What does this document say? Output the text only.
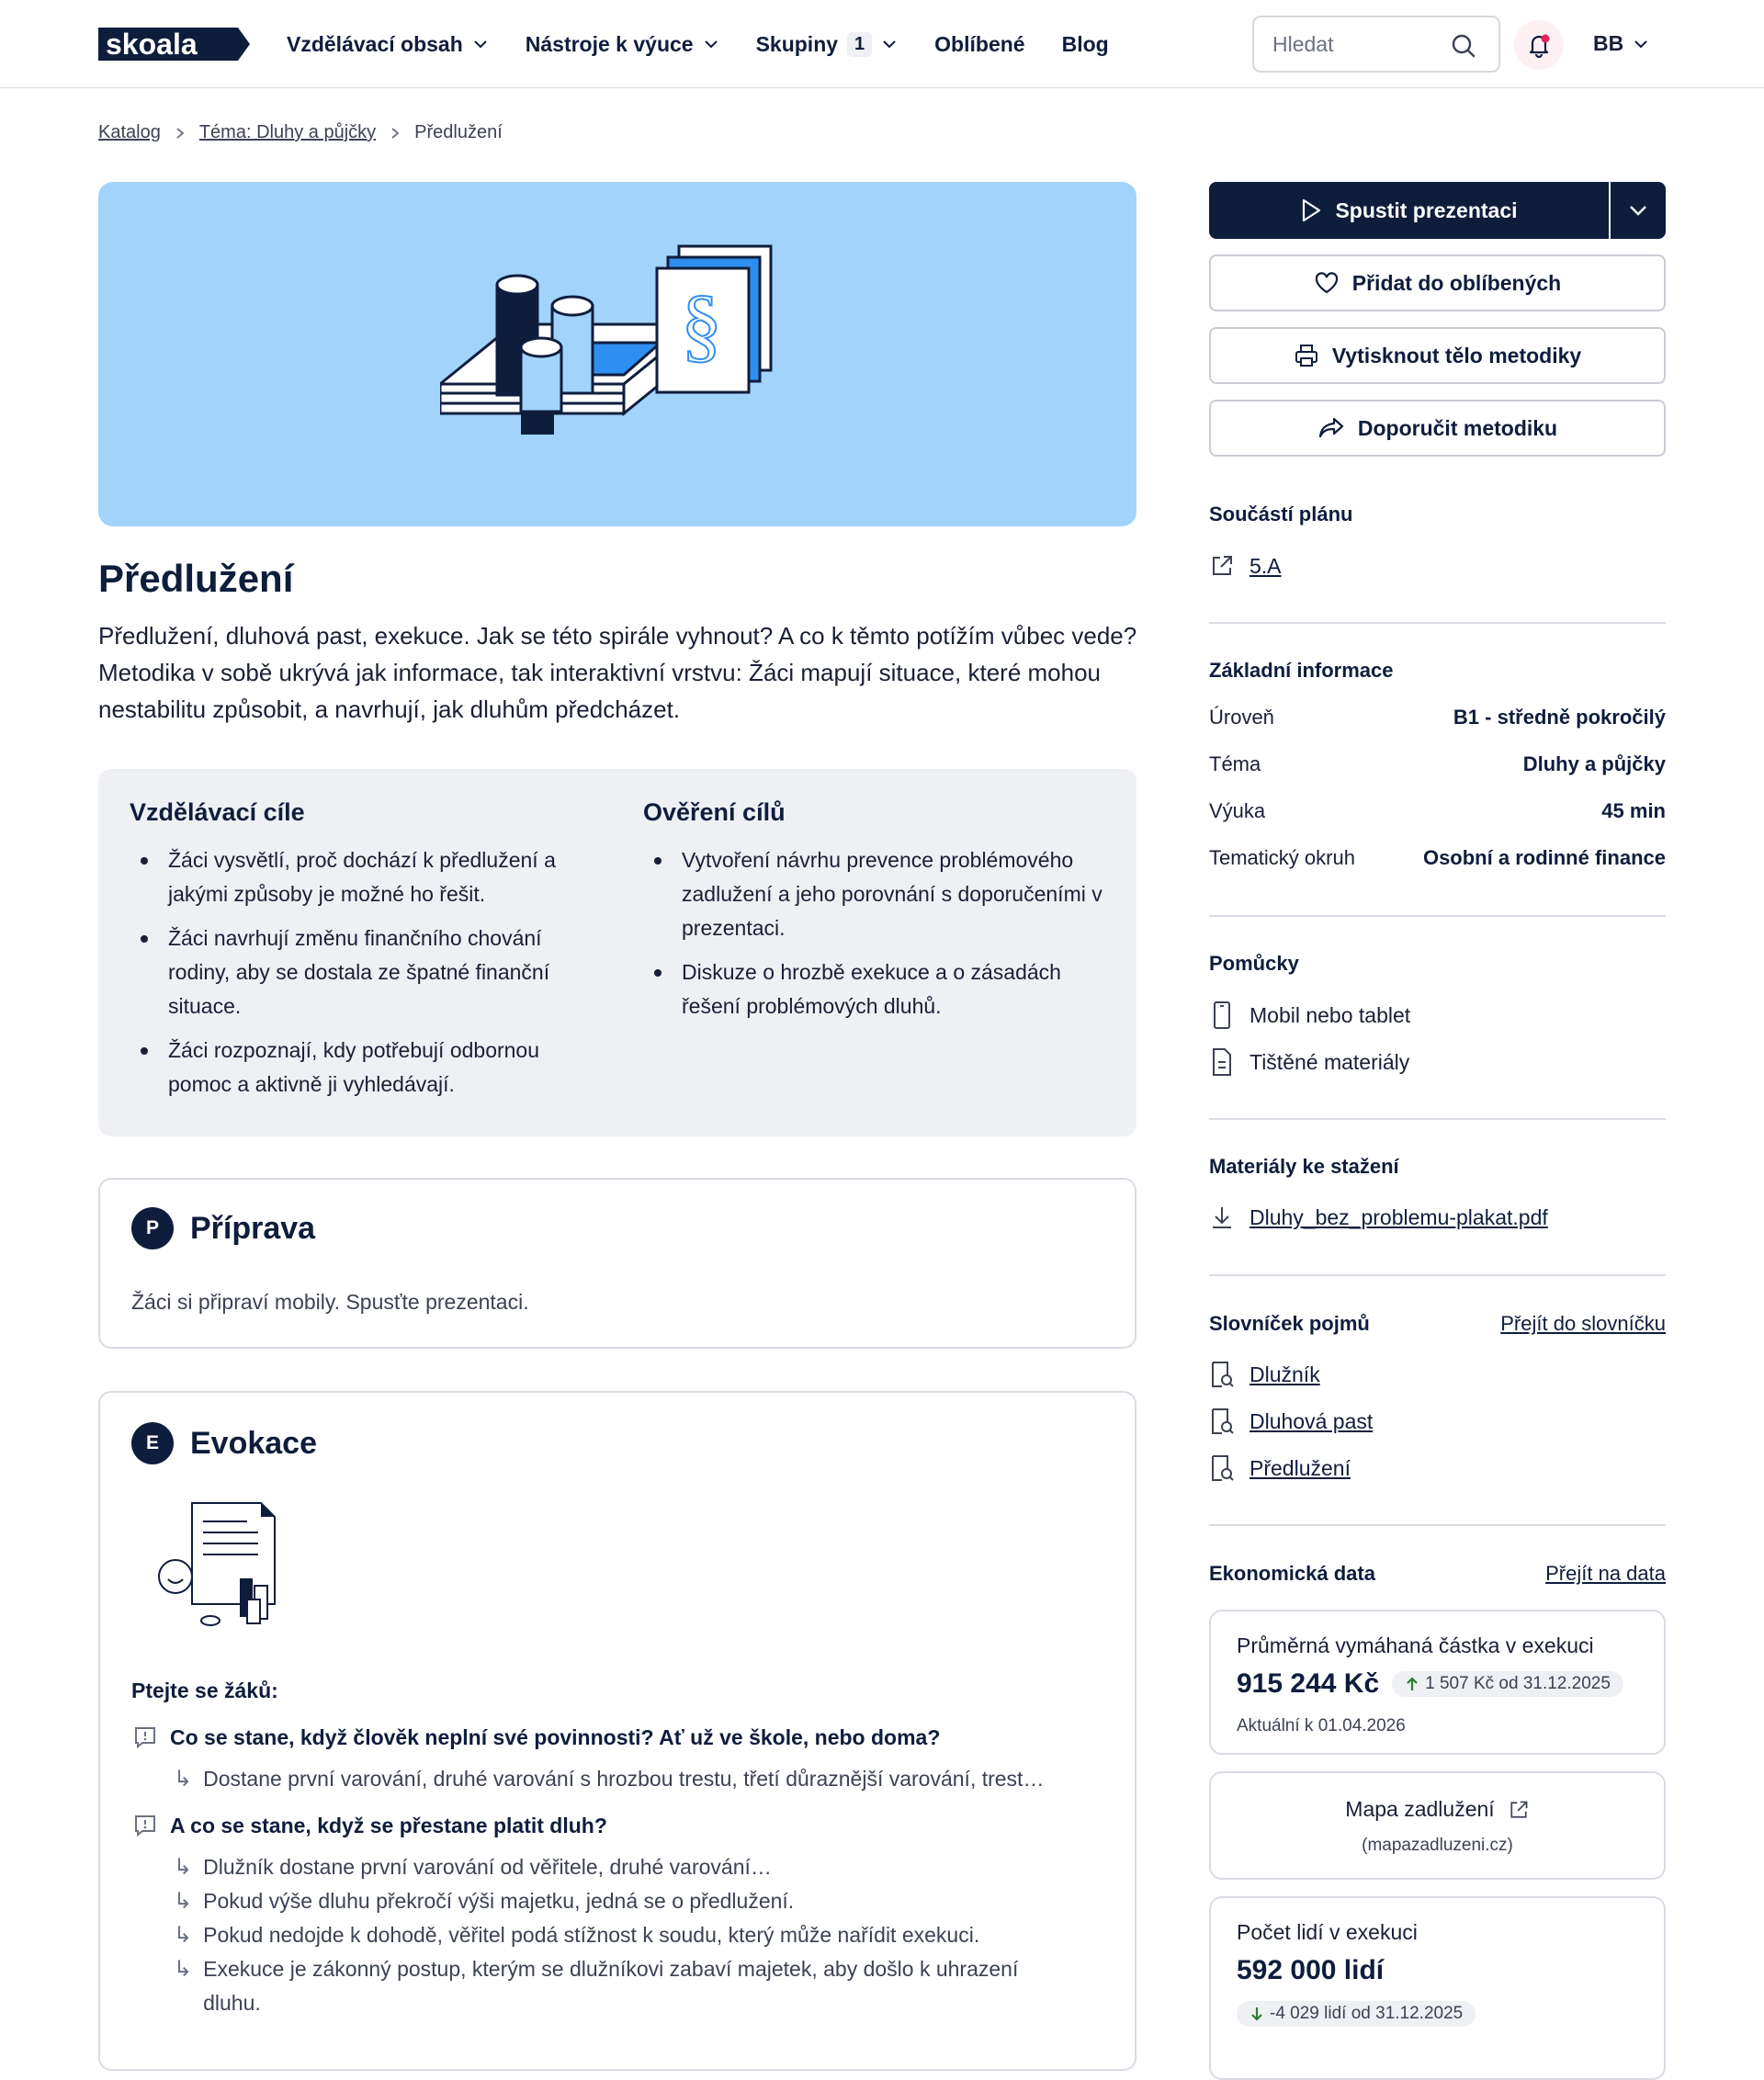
skoala	Vzdělávací obsah	Nástroje k výuce	Skupiny 1	Oblíbené Blog
Hledat	BB
Katalog Téma: Dluhy a půjčky Předlužení
§
Předlužení

Předlužení, dluhová past, exekuce. Jak se této spirále vyhnout? A co k těmto potížím vůbec vede? Metodika v sobě ukrývá jak informace, tak interaktivní vrstvu: Žáci mapují situace, které mohou nestabilitu způsobit, a navrhují, jak dluhům předcházet.

Vzdělávací cíle
Žáci vysvětlí, proč dochází k předlužení a jakými způsoby je možné ho řešit.
Žáci navrhují změnu finančního chování rodiny, aby se dostala ze špatné finanční situace.
Žáci rozpoznají, kdy potřebují odbornou pomoc a aktivně ji vyhledávají.
Ověření cílů
Vytvoření návrhu prevence problémového zadlužení a jeho porovnání s doporučeními v prezentaci.
Diskuze o hrozbě exekuce a o zásadách řešení problémových dluhů.
P	Příprava

Žáci si připraví mobily. Spusťte prezentaci.

E	Evokace

Ptejte se žáků:

Co se stane, když člověk neplní své povinnosti? Ať už ve škole, nebo doma?
↳ Dostane první varování, druhé varování s hrozbou trestu, třetí důraznější varování, trest…
A co se stane, když se přestane platit dluh?
↳ Dlužník dostane první varování od věřitele, druhé varování…
↳ Pokud výše dluhu překročí výši majetku, jedná se o předlužení.
↳ Pokud nedojde k dohodě, věřitel podá stížnost k soudu, který může nařídit exekuci.
↳ Exekuce je zákonný postup, kterým se dlužníkovi zabaví majetek, aby došlo k uhrazení dluhu.
Spustit prezentaci
Přidat do oblíbených
Vytisknout tělo metodiky
Doporučit metodiku
Součástí plánu
5.A
Základní informace
Úroveň	B1 - středně pokročilý
Téma	Dluhy a půjčky
Výuka	45 min
Tematický okruh	Osobní a rodinné finance
Pomůcky
Mobil nebo tablet
Tištěné materiály
Materiály ke stažení
Dluhy_bez_problemu-plakat.pdf
Slovníček pojmů	Přejít do slovníčku
Dlužník
Dluhová past
Předlužení
Ekonomická data	Přejít na data
Průměrná vymáhaná částka v exekuci
915 244 Kč	1 507 Kč od 31.12.2025
Aktuální k 01.04.2026
Mapa zadlužení
(mapazadluzeni.cz)
Počet lidí v exekuci
592 000 lidí
-4 029 lidí od 31.12.2025
